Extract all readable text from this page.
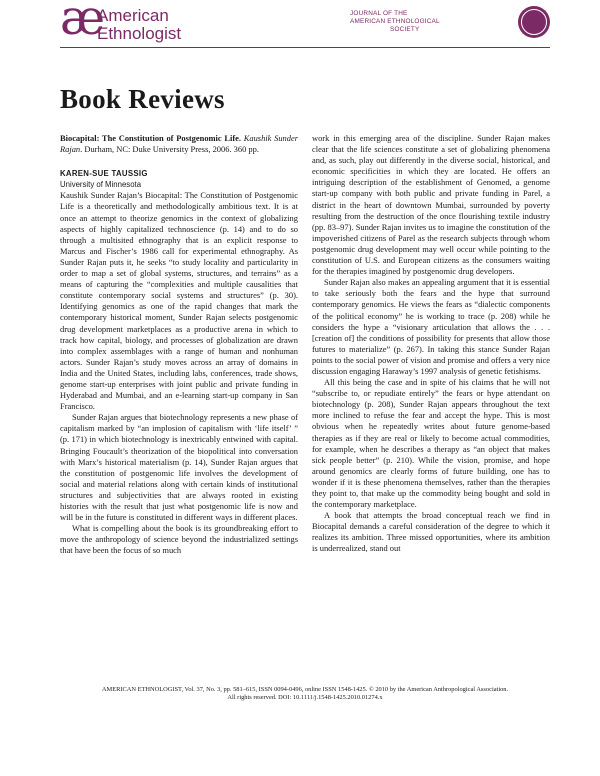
æ
American
Ethnologist
JOURNAL OF THE
AMERICAN ETHNOLOGICAL
SOCIETY
Book Reviews

Biocapital: The Constitution of Postgenomic Life. Kaushik Sunder Rajan. Durham, NC: Duke University Press, 2006. 360 pp.

KAREN-SUE TAUSSIG

University of Minnesota

Kaushik Sunder Rajan’s Biocapital: The Constitution of Postgenomic Life is a theoretically and methodologically ambitious text. It is at once an attempt to theorize genomics in the context of globalizing aspects of highly capitalized technoscience (p. 14) and to do so through a multisited ethnography that is an explicit response to Marcus and Fischer’s 1986 call for experimental ethnography. As Sunder Rajan puts it, he seeks “to study locality and particularity in order to map a set of global systems, structures, and terrains” as a means of capturing the “complexities and multiple causalities that constitute contemporary social systems and structures” (p. 30). Identifying genomics as one of the rapid changes that mark the contemporary historical moment, Sunder Rajan selects postgenomic drug development marketplaces as a productive arena in which to track how capital, biology, and processes of globalization are drawn into complex assemblages with a range of human and nonhuman actors. Sunder Rajan’s study moves across an array of domains in India and the United States, including labs, conferences, trade shows, genome start-up enterprises with joint public and private funding in Hyderabad and Mumbai, and an e-learning start-up company in San Francisco.

Sunder Rajan argues that biotechnology represents a new phase of capitalism marked by “an implosion of capitalism with ‘life itself’ ” (p. 171) in which biotechnology is inextricably entwined with capital. Bringing Foucault’s theorization of the biopolitical into conversation with Marx’s historical materialism (p. 14), Sunder Rajan argues that the constitution of postgenomic life involves the development of social and material relations along with certain kinds of institutional structures and subjectivities that are always rooted in existing histories with the result that just what postgenomic life is now and will be in the future is constituted in different ways in different places.

What is compelling about the book is its groundbreaking effort to move the anthropology of science beyond the industrialized settings that have been the focus of so much

work in this emerging area of the discipline. Sunder Rajan makes clear that the life sciences constitute a set of globalizing phenomena and, as such, play out differently in the diverse social, historical, and economic specificities in which they are located. He offers an intriguing description of the establishment of Genomed, a genome start-up company with both public and private funding in Parel, a district in the heart of downtown Mumbai, surrounded by poverty resulting from the destruction of the once flourishing textile industry (pp. 83–97). Sunder Rajan invites us to imagine the constitution of the impoverished citizens of Parel as the research subjects through whom postgenomic drug development may well occur while pointing to the constitution of U.S. and European citizens as the consumers waiting for the therapies imagined by postgenomic drug developers.

Sunder Rajan also makes an appealing argument that it is essential to take seriously both the fears and the hype that surround contemporary genomics. He views the fears as “dialectic components of the political economy” he is working to trace (p. 208) while he considers the hype a “visionary articulation that allows the . . . [creation of] the conditions of possibility for presents that allow those futures to materialize” (p. 267). In taking this stance Sunder Rajan points to the social power of vision and promise and offers a very nice discussion engaging Haraway’s 1997 analysis of genetic fetishisms.

All this being the case and in spite of his claims that he will not “subscribe to, or repudiate entirely” the fears or hype attendant on biotechnology (p. 208), Sunder Rajan appears throughout the text more inclined to refuse the fear and accept the hype. This is most obvious when he repeatedly writes about future genome-based therapies as if they are real or likely to become actual commodities, for example, when he describes a therapy as “an object that makes sick people better” (p. 210). While the vision, promise, and hope around genomics are clearly forms of future building, one has to wonder if it is these phenomena themselves, rather than the therapies they point to, that make up the commodity being bought and sold in the contemporary marketplace.

A book that attempts the broad conceptual reach we find in Biocapital demands a careful consideration of the degree to which it realizes its ambition. Three missed opportunities, where its ambition is underrealized, stand out

AMERICAN ETHNOLOGIST, Vol. 37, No. 3, pp. 581–615, ISSN 0094-0496, online ISSN 1548-1425. © 2010 by the American Anthropological Association.
All rights reserved. DOI: 10.1111/j.1548-1425.2010.01274.x
